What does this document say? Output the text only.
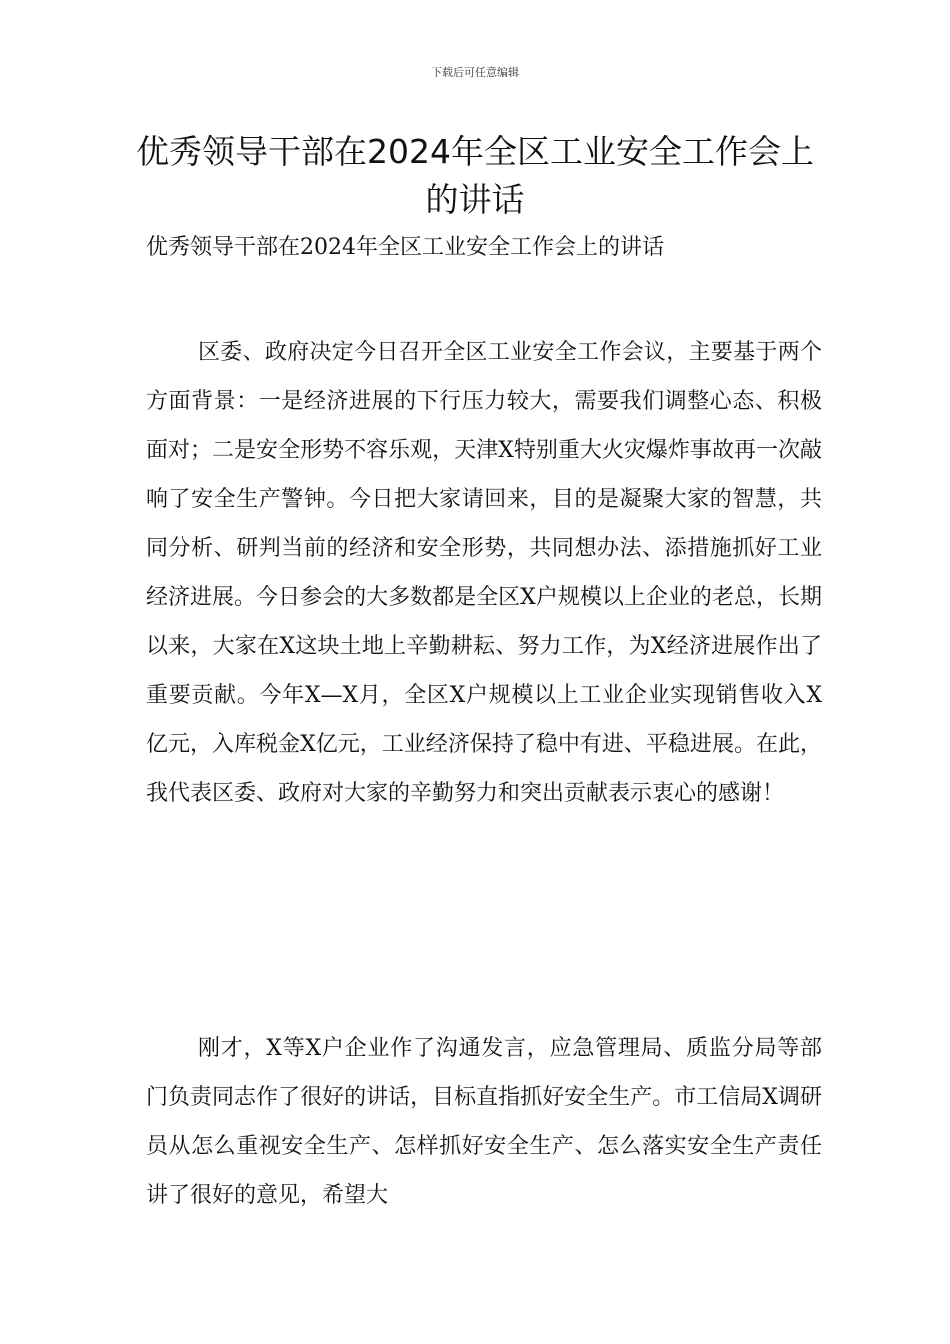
下载后可任意编辑
优秀领导干部在2024年全区工业安全工作会上的讲话
优秀领导干部在2024年全区工业安全工作会上的讲话

区委、政府决定今日召开全区工业安全工作会议，主要基于两个方面背景：一是经济进展的下行压力较大，需要我们调整心态、积极面对；二是安全形势不容乐观，天津X特别重大火灾爆炸事故再一次敲响了安全生产警钟。今日把大家请回来，目的是凝聚大家的智慧，共同分析、研判当前的经济和安全形势，共同想办法、添措施抓好工业经济进展。今日参会的大多数都是全区X户规模以上企业的老总，长期以来，大家在X这块土地上辛勤耕耘、努力工作，为X经济进展作出了重要贡献。今年X—X月，全区X户规模以上工业企业实现销售收入X亿元，入库税金X亿元，工业经济保持了稳中有进、平稳进展。在此，我代表区委、政府对大家的辛勤努力和突出贡献表示衷心的感谢！

刚才，X等X户企业作了沟通发言，应急管理局、质监分局等部门负责同志作了很好的讲话，目标直指抓好安全生产。市工信局X调研员从怎么重视安全生产、怎样抓好安全生产、怎么落实安全生产责任讲了很好的意见，希望大
